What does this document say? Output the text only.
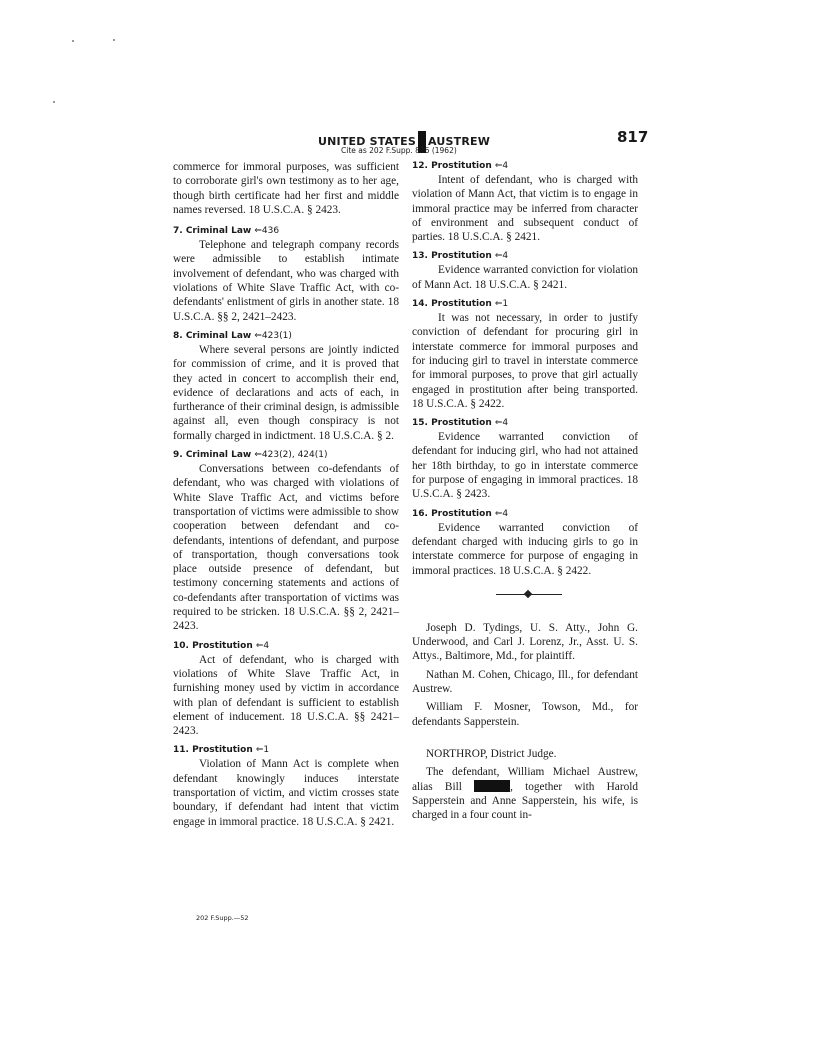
UNITED STATES AUSTREW
Cite as 202 F.Supp. 816 (1962)
817

commerce for immoral purposes, was sufficient to corroborate girl's own testimony as to her age, though birth certificate had her first and middle names reversed. 18 U.S.C.A. § 2423.

7. Criminal Law ⇐436

Telephone and telegraph company records were admissible to establish intimate involvement of defendant, who was charged with violations of White Slave Traffic Act, with co-defendants' enlistment of girls in another state. 18 U.S.C.A. §§ 2, 2421–2423.

8. Criminal Law ⇐423(1)

Where several persons are jointly indicted for commission of crime, and it is proved that they acted in concert to accomplish their end, evidence of declarations and acts of each, in furtherance of their criminal design, is admissible against all, even though conspiracy is not formally charged in indictment. 18 U.S.C.A. § 2.

9. Criminal Law ⇐423(2), 424(1)

Conversations between co-defendants of defendant, who was charged with violations of White Slave Traffic Act, and victims before transportation of victims were admissible to show cooperation between defendant and co-defendants, intentions of defendant, and purpose of transportation, though conversations took place outside presence of defendant, but testimony concerning statements and actions of co-defendants after transportation of victims was required to be stricken. 18 U.S.C.A. §§ 2, 2421–2423.

10. Prostitution ⇐4

Act of defendant, who is charged with violations of White Slave Traffic Act, in furnishing money used by victim in accordance with plan of defendant is sufficient to establish element of inducement. 18 U.S.C.A. §§ 2421–2423.

11. Prostitution ⇐1

Violation of Mann Act is complete when defendant knowingly induces interstate transportation of victim, and victim crosses state boundary, if defendant had intent that victim engage in immoral practice. 18 U.S.C.A. § 2421.

202 F.Supp.—52

12. Prostitution ⇐4

Intent of defendant, who is charged with violation of Mann Act, that victim is to engage in immoral practice may be inferred from character of environment and subsequent conduct of parties. 18 U.S.C.A. § 2421.

13. Prostitution ⇐4

Evidence warranted conviction for violation of Mann Act. 18 U.S.C.A. § 2421.

14. Prostitution ⇐1

It was not necessary, in order to justify conviction of defendant for procuring girl in interstate commerce for immoral purposes and for inducing girl to travel in interstate commerce for immoral purposes, to prove that girl actually engaged in prostitution after being transported. 18 U.S.C.A. § 2422.

15. Prostitution ⇐4

Evidence warranted conviction of defendant for inducing girl, who had not attained her 18th birthday, to go in interstate commerce for purpose of engaging in immoral practices. 18 U.S.C.A. § 2423.

16. Prostitution ⇐4

Evidence warranted conviction of defendant charged with inducing girls to go in interstate commerce for purpose of engaging in immoral practices. 18 U.S.C.A. § 2422.

Joseph D. Tydings, U. S. Atty., John G. Underwood, and Carl J. Lorenz, Jr., Asst. U. S. Attys., Baltimore, Md., for plaintiff.

Nathan M. Cohen, Chicago, Ill., for defendant Austrew.

William F. Mosner, Towson, Md., for defendants Sapperstein.

NORTHROP, District Judge.

The defendant, William Michael Austrew, alias Bill	, together with Harold Sapperstein and Anne Sapperstein, his wife, is charged in a four count in-
